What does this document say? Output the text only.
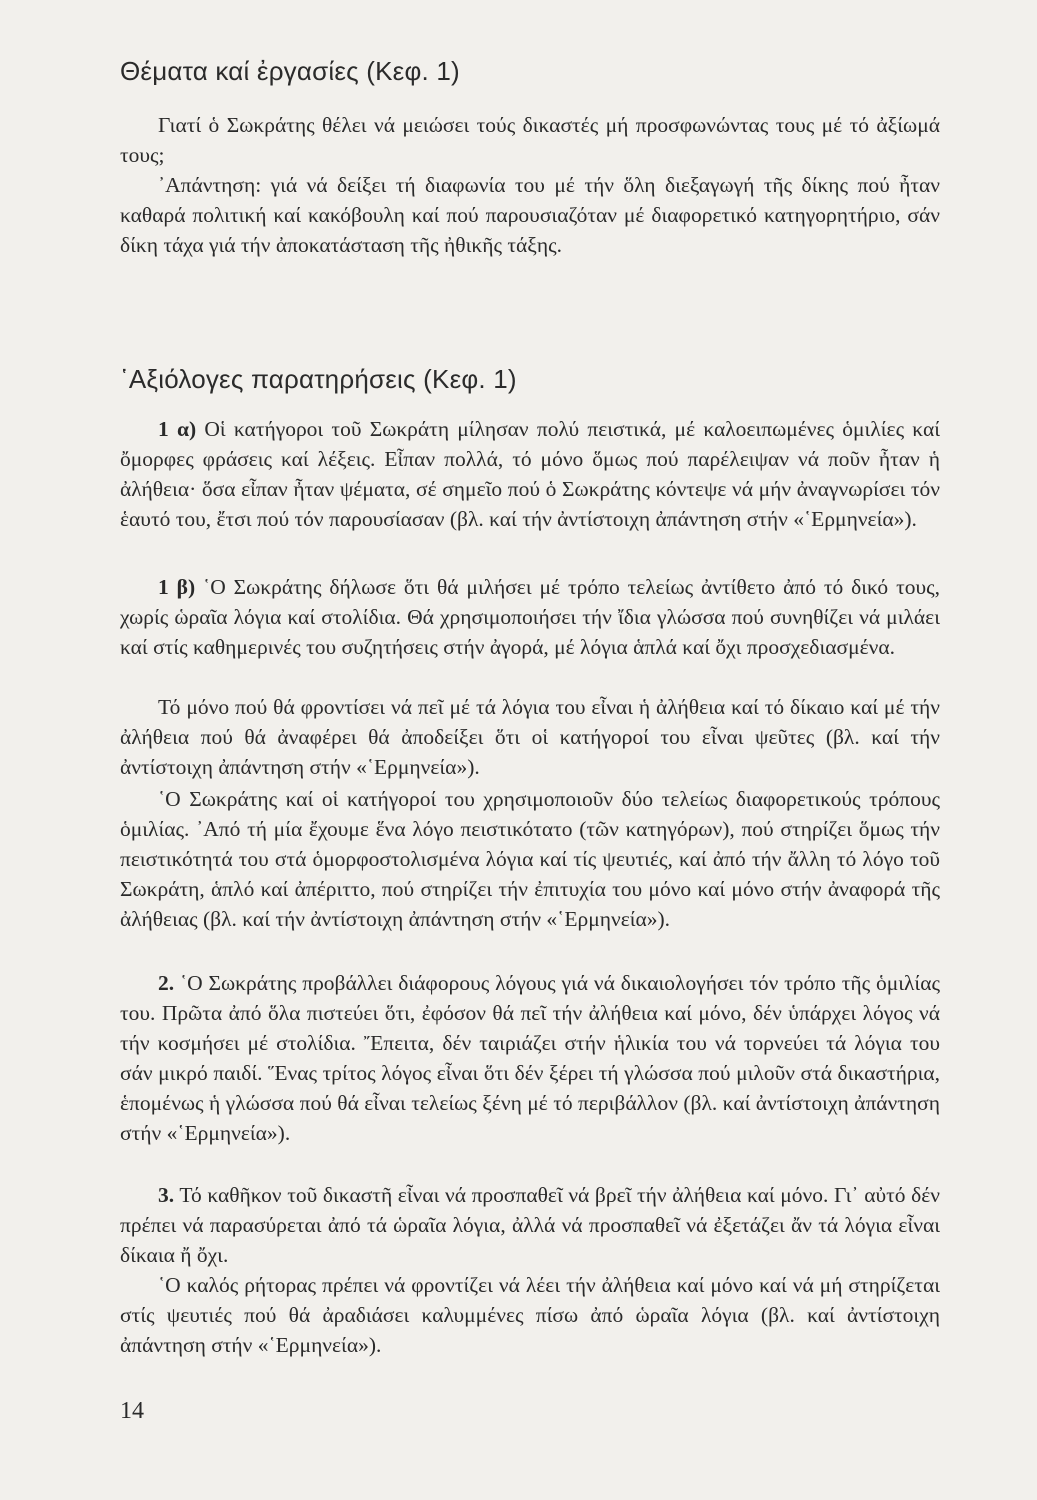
Θέματα καί ἐργασίες (Κεφ. 1)

Γιατί ὁ Σωκράτης θέλει νά μειώσει τούς δικαστές μή προσφωνώντας τους μέ τό ἀξίωμά τους;

᾿Απάντηση: γιά νά δείξει τή διαφωνία του μέ τήν ὅλη διεξαγωγή τῆς δίκης πού ἦταν καθαρά πολιτική καί κακόβουλη καί πού παρουσιαζόταν μέ διαφορετικό κατηγορητήριο, σάν δίκη τάχα γιά τήν ἀποκατάσταση τῆς ἠθικῆς τάξης.

῾Αξιόλογες παρατηρήσεις (Κεφ. 1)

1 α) Οἱ κατήγοροι τοῦ Σωκράτη μίλησαν πολύ πειστικά, μέ καλοειπωμένες ὁμιλίες καί ὄμορφες φράσεις καί λέξεις. Εἶπαν πολλά, τό μόνο ὅμως πού παρέλειψαν νά ποῦν ἦταν ἡ ἀλήθεια· ὅσα εἶπαν ἦταν ψέματα, σέ σημεῖο πού ὁ Σωκράτης κόντεψε νά μήν ἀναγνωρίσει τόν ἑαυτό του, ἔτσι πού τόν παρουσίασαν (βλ. καί τήν ἀντίστοιχη ἀπάντηση στήν «῾Ερμηνεία»).

1 β) ῾Ο Σωκράτης δήλωσε ὅτι θά μιλήσει μέ τρόπο τελείως ἀντίθετο ἀπό τό δικό τους, χωρίς ὡραῖα λόγια καί στολίδια. Θά χρησιμοποιήσει τήν ἴδια γλώσσα πού συνηθίζει νά μιλάει καί στίς καθημερινές του συζητήσεις στήν ἀγορά, μέ λόγια ἁπλά καί ὄχι προσχεδιασμένα.

Τό μόνο πού θά φροντίσει νά πεῖ μέ τά λόγια του εἶναι ἡ ἀλήθεια καί τό δίκαιο καί μέ τήν ἀλήθεια πού θά ἀναφέρει θά ἀποδείξει ὅτι οἱ κατήγοροί του εἶναι ψεῦτες (βλ. καί τήν ἀντίστοιχη ἀπάντηση στήν «῾Ερμηνεία»).

῾Ο Σωκράτης καί οἱ κατήγοροί του χρησιμοποιοῦν δύο τελείως διαφορετικούς τρόπους ὁμιλίας. ᾿Από τή μία ἔχουμε ἕνα λόγο πειστικότατο (τῶν κατηγόρων), πού στηρίζει ὅμως τήν πειστικότητά του στά ὁμορφοστολισμένα λόγια καί τίς ψευτιές, καί ἀπό τήν ἄλλη τό λόγο τοῦ Σωκράτη, ἁπλό καί ἀπέριττο, πού στηρίζει τήν ἐπιτυχία του μόνο καί μόνο στήν ἀναφορά τῆς ἀλήθειας (βλ. καί τήν ἀντίστοιχη ἀπάντηση στήν «῾Ερμηνεία»).

2. ῾Ο Σωκράτης προβάλλει διάφορους λόγους γιά νά δικαιολογήσει τόν τρόπο τῆς ὁμιλίας του. Πρῶτα ἀπό ὅλα πιστεύει ὅτι, ἐφόσον θά πεῖ τήν ἀλήθεια καί μόνο, δέν ὑπάρχει λόγος νά τήν κοσμήσει μέ στολίδια. Ἔπειτα, δέν ταιριάζει στήν ἡλικία του νά τορνεύει τά λόγια του σάν μικρό παιδί. Ἕνας τρίτος λόγος εἶναι ὅτι δέν ξέρει τή γλώσσα πού μιλοῦν στά δικαστήρια, ἑπομένως ἡ γλώσσα πού θά εἶναι τελείως ξένη μέ τό περιβάλλον (βλ. καί ἀντίστοιχη ἀπάντηση στήν «῾Ερμηνεία»).

3. Τό καθῆκον τοῦ δικαστῆ εἶναι νά προσπαθεῖ νά βρεῖ τήν ἀλήθεια καί μόνο. Γι᾿ αὐτό δέν πρέπει νά παρασύρεται ἀπό τά ὡραῖα λόγια, ἀλλά νά προσπαθεῖ νά ἐξετάζει ἄν τά λόγια εἶναι δίκαια ἤ ὄχι.

῾Ο καλός ρήτορας πρέπει νά φροντίζει νά λέει τήν ἀλήθεια καί μόνο καί νά μή στηρίζεται στίς ψευτιές πού θά ἀραδιάσει καλυμμένες πίσω ἀπό ὡραῖα λόγια (βλ. καί ἀντίστοιχη ἀπάντηση στήν «῾Ερμηνεία»).

14
